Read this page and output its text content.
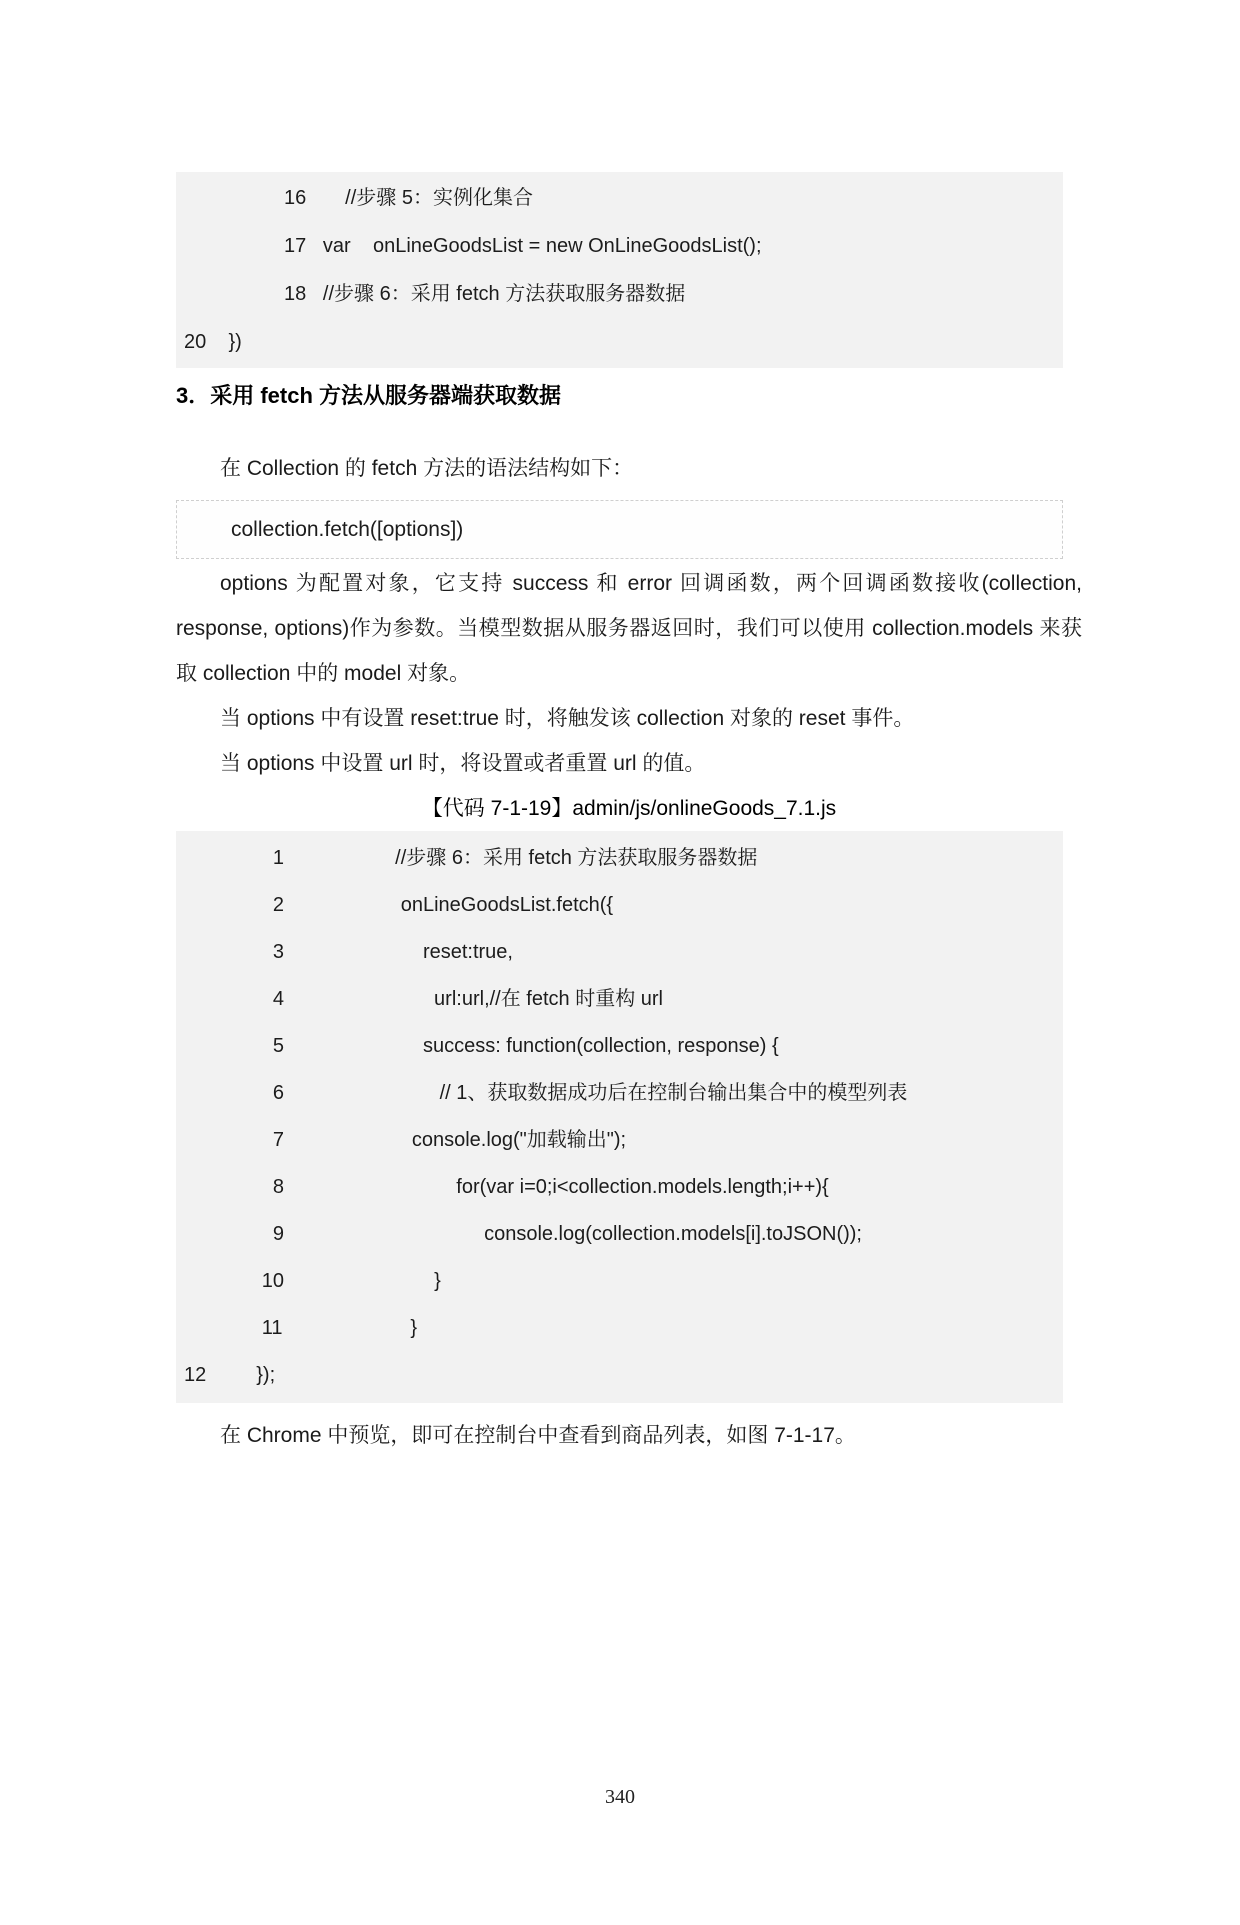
16       //步骤 5：实例化集合
17   var    onLineGoodsList = new OnLineGoodsList();
18   //步骤 6：采用 fetch 方法获取服务器数据
20    })
3．采用 fetch 方法从服务器端获取数据
在 Collection 的 fetch 方法的语法结构如下：
collection.fetch([options])
options 为配置对象，它支持 success 和 error 回调函数，两个回调函数接收(collection, response, options)作为参数。当模型数据从服务器返回时，我们可以使用 collection.models 来获取 collection 中的 model 对象。
当 options 中有设置 reset:true 时，将触发该 collection 对象的 reset 事件。
当 options 中设置 url 时，将设置或者重置 url 的值。
【代码 7-1-19】admin/js/onlineGoods_7.1.js
1                    //步骤 6：采用 fetch 方法获取服务器数据
2                     onLineGoodsList.fetch({
3                         reset:true,
4                           url:url,//在 fetch 时重构 url
5                         success: function(collection, response) {
6                            // 1、获取数据成功后在控制台输出集合中的模型列表
7                       console.log("加载输出");
8                               for(var i=0;i<collection.models.length;i++){
9                                    console.log(collection.models[i].toJSON());
10                           }
11                       }
12         });
在 Chrome 中预览，即可在控制台中查看到商品列表，如图 7-1-17。
340
